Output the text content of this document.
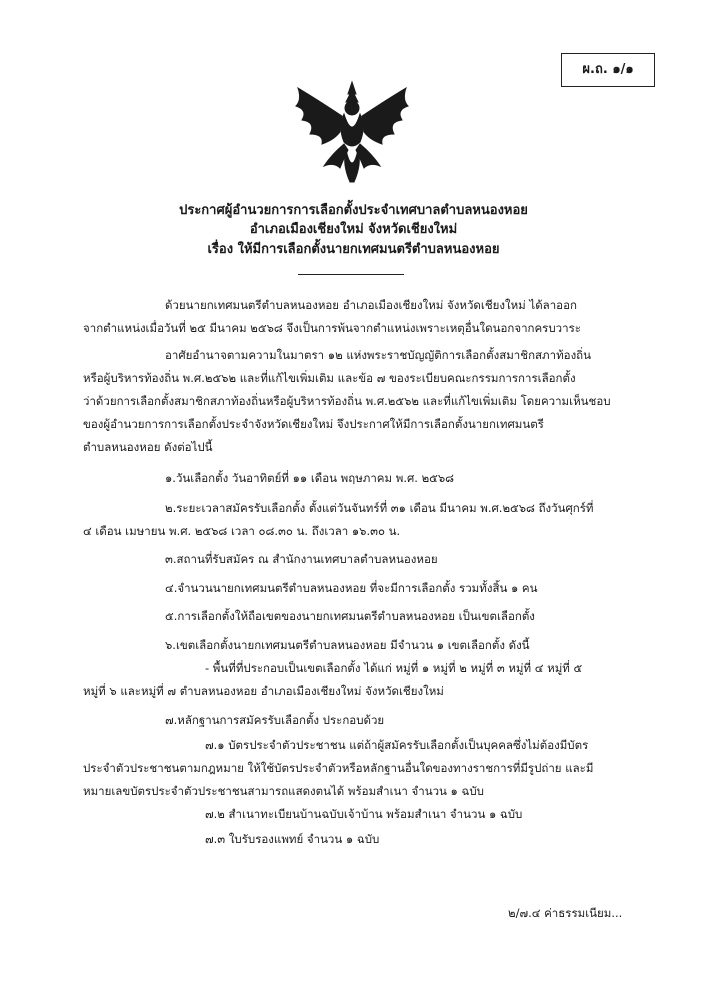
ผ.ถ. ๑/๑
ประกาศผู้อำนวยการการเลือกตั้งประจำเทศบาลตำบลหนองหอย
อำเภอเมืองเชียงใหม่ จังหวัดเชียงใหม่
เรื่อง ให้มีการเลือกตั้งนายกเทศมนตรีตำบลหนองหอย
ด้วยนายกเทศมนตรีตำบลหนองหอย อำเภอเมืองเชียงใหม่ จังหวัดเชียงใหม่ ได้ลาออก
จากตำแหน่งเมื่อวันที่ ๒๕ มีนาคม ๒๕๖๘ จึงเป็นการพ้นจากตำแหน่งเพราะเหตุอื่นใดนอกจากครบวาระ
อาศัยอำนาจตามความในมาตรา ๑๒ แห่งพระราชบัญญัติการเลือกตั้งสมาชิกสภาท้องถิ่น
หรือผู้บริหารท้องถิ่น พ.ศ.๒๕๖๒ และที่แก้ไขเพิ่มเติม และข้อ ๗ ของระเบียบคณะกรรมการการเลือกตั้ง
ว่าด้วยการเลือกตั้งสมาชิกสภาท้องถิ่นหรือผู้บริหารท้องถิ่น พ.ศ.๒๕๖๒ และที่แก้ไขเพิ่มเติม โดยความเห็นชอบ
ของผู้อำนวยการการเลือกตั้งประจำจังหวัดเชียงใหม่ จึงประกาศให้มีการเลือกตั้งนายกเทศมนตรี
ตำบลหนองหอย ดังต่อไปนี้
๑.วันเลือกตั้ง วันอาทิตย์ที่ ๑๑ เดือน พฤษภาคม พ.ศ. ๒๕๖๘
๒.ระยะเวลาสมัครรับเลือกตั้ง ตั้งแต่วันจันทร์ที่ ๓๑ เดือน มีนาคม พ.ศ.๒๕๖๘ ถึงวันศุกร์ที่
๔ เดือน เมษายน พ.ศ. ๒๕๖๘ เวลา ๐๘.๓๐ น. ถึงเวลา ๑๖.๓๐ น.
๓.สถานที่รับสมัคร ณ สำนักงานเทศบาลตำบลหนองหอย
๔.จำนวนนายกเทศมนตรีตำบลหนองหอย ที่จะมีการเลือกตั้ง รวมทั้งสิ้น ๑ คน
๕.การเลือกตั้งให้ถือเขตของนายกเทศมนตรีตำบลหนองหอย เป็นเขตเลือกตั้ง
๖.เขตเลือกตั้งนายกเทศมนตรีตำบลหนองหอย มีจำนวน ๑ เขตเลือกตั้ง ดังนี้
- พื้นที่ที่ประกอบเป็นเขตเลือกตั้ง ได้แก่ หมู่ที่ ๑ หมู่ที่ ๒ หมู่ที่ ๓ หมู่ที่ ๔ หมู่ที่ ๕
หมู่ที่ ๖ และหมู่ที่ ๗ ตำบลหนองหอย อำเภอเมืองเชียงใหม่ จังหวัดเชียงใหม่
๗.หลักฐานการสมัครรับเลือกตั้ง ประกอบด้วย
๗.๑ บัตรประจำตัวประชาชน แต่ถ้าผู้สมัครรับเลือกตั้งเป็นบุคคลซึ่งไม่ต้องมีบัตร
ประจำตัวประชาชนตามกฎหมาย ให้ใช้บัตรประจำตัวหรือหลักฐานอื่นใดของทางราชการที่มีรูปถ่าย และมี
หมายเลขบัตรประจำตัวประชาชนสามารถแสดงตนได้ พร้อมสำเนา จำนวน ๑ ฉบับ
๗.๒ สำเนาทะเบียนบ้านฉบับเจ้าบ้าน พร้อมสำเนา จำนวน ๑ ฉบับ
๗.๓ ใบรับรองแพทย์ จำนวน ๑ ฉบับ
๒/๗.๔ ค่าธรรมเนียม...
